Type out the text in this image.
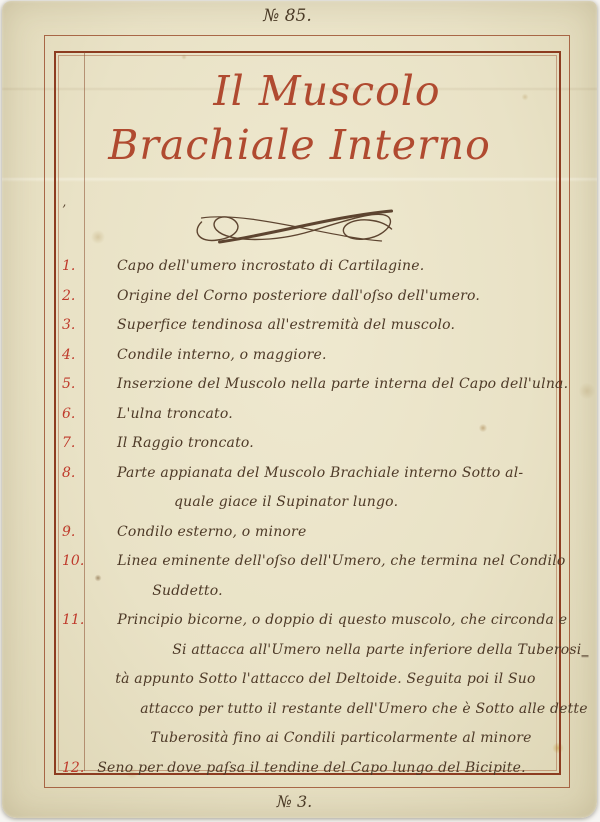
№ 85.
Il Muscolo
Brachiale Interno
’
1.	Capo dell'umero incrostato di Cartilagine.
2.	Origine del Corno posteriore dall'oſso dell'umero.
3.	Superfice tendinosa all'estremità del muscolo.
4.	Condile interno, o maggiore.
5.	Inserzione del Muscolo nella parte interna del Capo dell'ulna.
6.	L'ulna troncato.
7.	Il Raggio troncato.
8.	Parte appianata del Muscolo Brachiale interno Sotto al-
quale giace il Supinator lungo.
9.	Condilo esterno, o minore
10. Linea eminente dell'oſso dell'Umero, che termina nel Condilo
Suddetto.
11. Principio bicorne, o doppio di questo muscolo, che circonda e
Si attacca all'Umero nella parte inferiore della Tuberosi‗
tà appunto Sotto l'attacco del Deltoide. Seguita poi il Suo
attacco per tutto il restante dell'Umero che è Sotto alle dette
Tuberosità fino ai Condili particolarmente al minore
12. Seno per dove paſsa il tendine del Capo lungo del Bicipite.
№ 3.
